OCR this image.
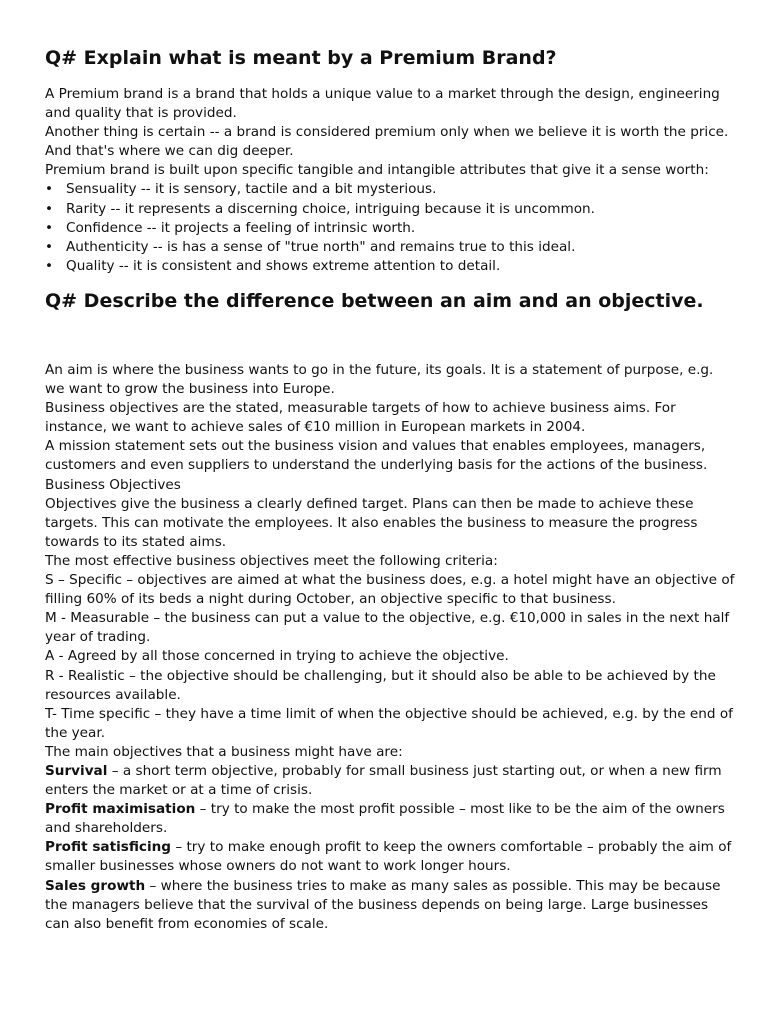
Q# Explain what is meant by a Premium Brand?

A Premium brand is a brand that holds a unique value to a market through the design, engineering and quality that is provided.

Another thing is certain -- a brand is considered premium only when we believe it is worth the price. And that's where we can dig deeper.

Premium brand is built upon specific tangible and intangible attributes that give it a sense worth:

• Sensuality -- it is sensory, tactile and a bit mysterious.
• Rarity -- it represents a discerning choice, intriguing because it is uncommon.
• Confidence -- it projects a feeling of intrinsic worth.
• Authenticity -- is has a sense of "true north" and remains true to this ideal.
• Quality -- it is consistent and shows extreme attention to detail.
Q# Describe the difference between an aim and an objective.

An aim is where the business wants to go in the future, its goals. It is a statement of purpose, e.g. we want to grow the business into Europe.

Business objectives are the stated, measurable targets of how to achieve business aims. For instance, we want to achieve sales of €10 million in European markets in 2004.

A mission statement sets out the business vision and values that enables employees, managers, customers and even suppliers to understand the underlying basis for the actions of the business.

Business Objectives

Objectives give the business a clearly defined target. Plans can then be made to achieve these targets. This can motivate the employees. It also enables the business to measure the progress towards to its stated aims.

The most effective business objectives meet the following criteria:

S – Specific – objectives are aimed at what the business does, e.g. a hotel might have an objective of filling 60% of its beds a night during October, an objective specific to that business.

M - Measurable – the business can put a value to the objective, e.g. €10,000 in sales in the next half year of trading.

A - Agreed by all those concerned in trying to achieve the objective.

R - Realistic – the objective should be challenging, but it should also be able to be achieved by the resources available.

T- Time specific – they have a time limit of when the objective should be achieved, e.g. by the end of the year.

The main objectives that a business might have are:

Survival – a short term objective, probably for small business just starting out, or when a new firm enters the market or at a time of crisis.

Profit maximisation – try to make the most profit possible – most like to be the aim of the owners and shareholders.

Profit satisficing – try to make enough profit to keep the owners comfortable – probably the aim of smaller businesses whose owners do not want to work longer hours.

Sales growth – where the business tries to make as many sales as possible. This may be because the managers believe that the survival of the business depends on being large. Large businesses can also benefit from economies of scale.
